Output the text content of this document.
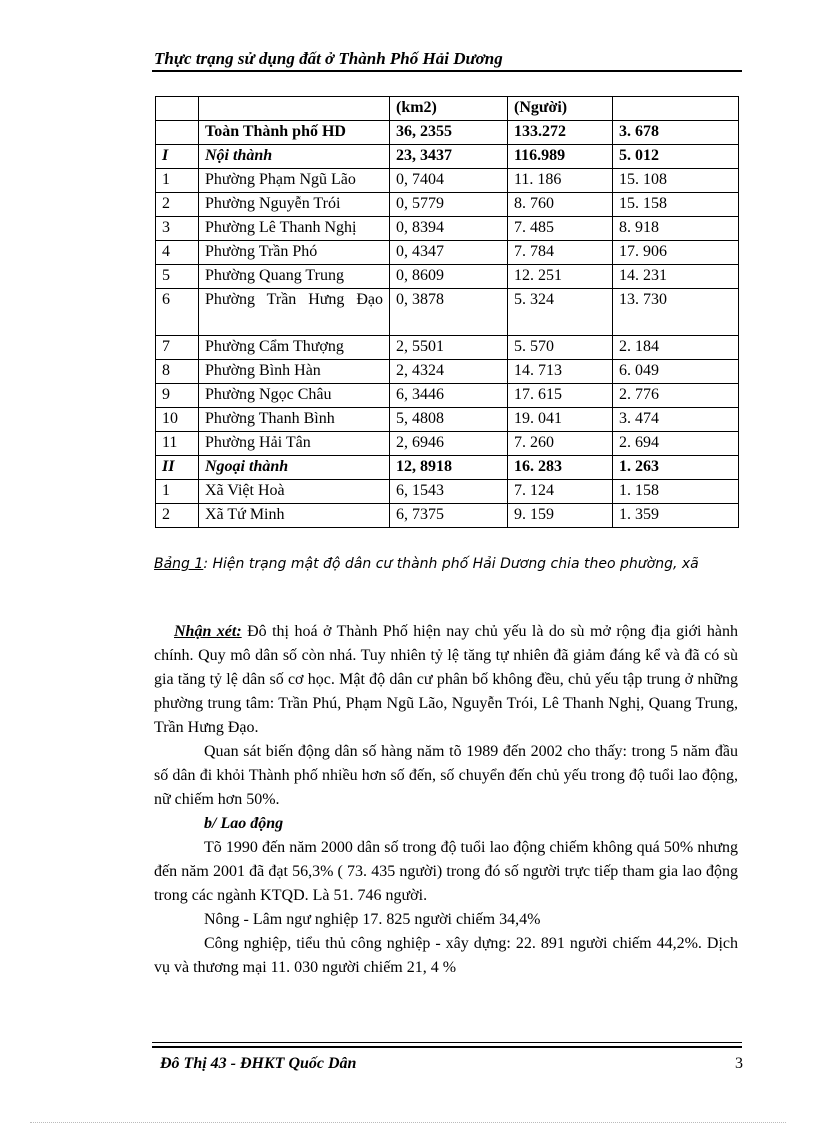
Thực trạng sử dụng đất ở Thành Phố Hải Dương
		(km2)	(Người)	
	Toàn Thành phố HD	36, 2355	133.272	3. 678
I	Nội thành	23, 3437	116.989	5. 012
1	Phường Phạm Ngũ Lão	0, 7404	11. 186	15. 108
2	Phường Nguyễn Trói	0, 5779	8. 760	15. 158
3	Phường Lê Thanh Nghị	0, 8394	7. 485	8. 918
4	Phường Trần Phó	0, 4347	7. 784	17. 906
5	Phường Quang Trung	0, 8609	12. 251	14. 231
6	Phường Trần Hưng Đạo	0, 3878	5. 324	13. 730
7	Phường Cẩm Thượng	2, 5501	5. 570	2. 184
8	Phường Bình Hàn	2, 4324	14. 713	6. 049
9	Phường Ngọc Châu	6, 3446	17. 615	2. 776
10	Phường Thanh Bình	5, 4808	19. 041	3. 474
11	Phường Hải Tân	2, 6946	7. 260	2. 694
II	Ngoại thành	12, 8918	16. 283	1. 263
1	Xã Việt Hoà	6, 1543	7. 124	1. 158
2	Xã Tứ Minh	6, 7375	9. 159	1. 359
Bảng 1: Hiện trạng mật độ dân cư thành phố Hải Dương chia theo phường, xã

Nhận xét: Đô thị hoá ở Thành Phố hiện nay chủ yếu là do sù mở rộng địa giới hành chính. Quy mô dân số còn nhá. Tuy nhiên tỷ lệ tăng tự nhiên đã giảm đáng kể và đã có sù gia tăng tỷ lệ dân số cơ học. Mật độ dân cư phân bố không đều, chủ yếu tập trung ở những phường trung tâm: Trần Phú, Phạm Ngũ Lão, Nguyễn Trói, Lê Thanh Nghị, Quang Trung, Trần Hưng Đạo.

Quan sát biến động dân số hàng năm tõ 1989 đến 2002 cho thấy: trong 5 năm đầu số dân đi khỏi Thành phố nhiều hơn số đến, số chuyển đến chủ yếu trong độ tuổi lao động, nữ chiếm hơn 50%.

b/ Lao động

Tõ 1990 đến năm 2000 dân số trong độ tuổi lao động chiếm không quá 50% nhưng đến năm 2001 đã đạt 56,3% ( 73. 435 người) trong đó số người trực tiếp tham gia lao động trong các ngành KTQD. Là 51. 746 người.

Nông - Lâm ngư nghiệp 17. 825 người chiếm 34,4%

Công nghiệp, tiểu thủ công nghiệp - xây dựng: 22. 891 người chiếm 44,2%. Dịch vụ và thương mại 11. 030 người chiếm 21, 4 %

Đô Thị 43 - ĐHKT Quốc Dân	3
